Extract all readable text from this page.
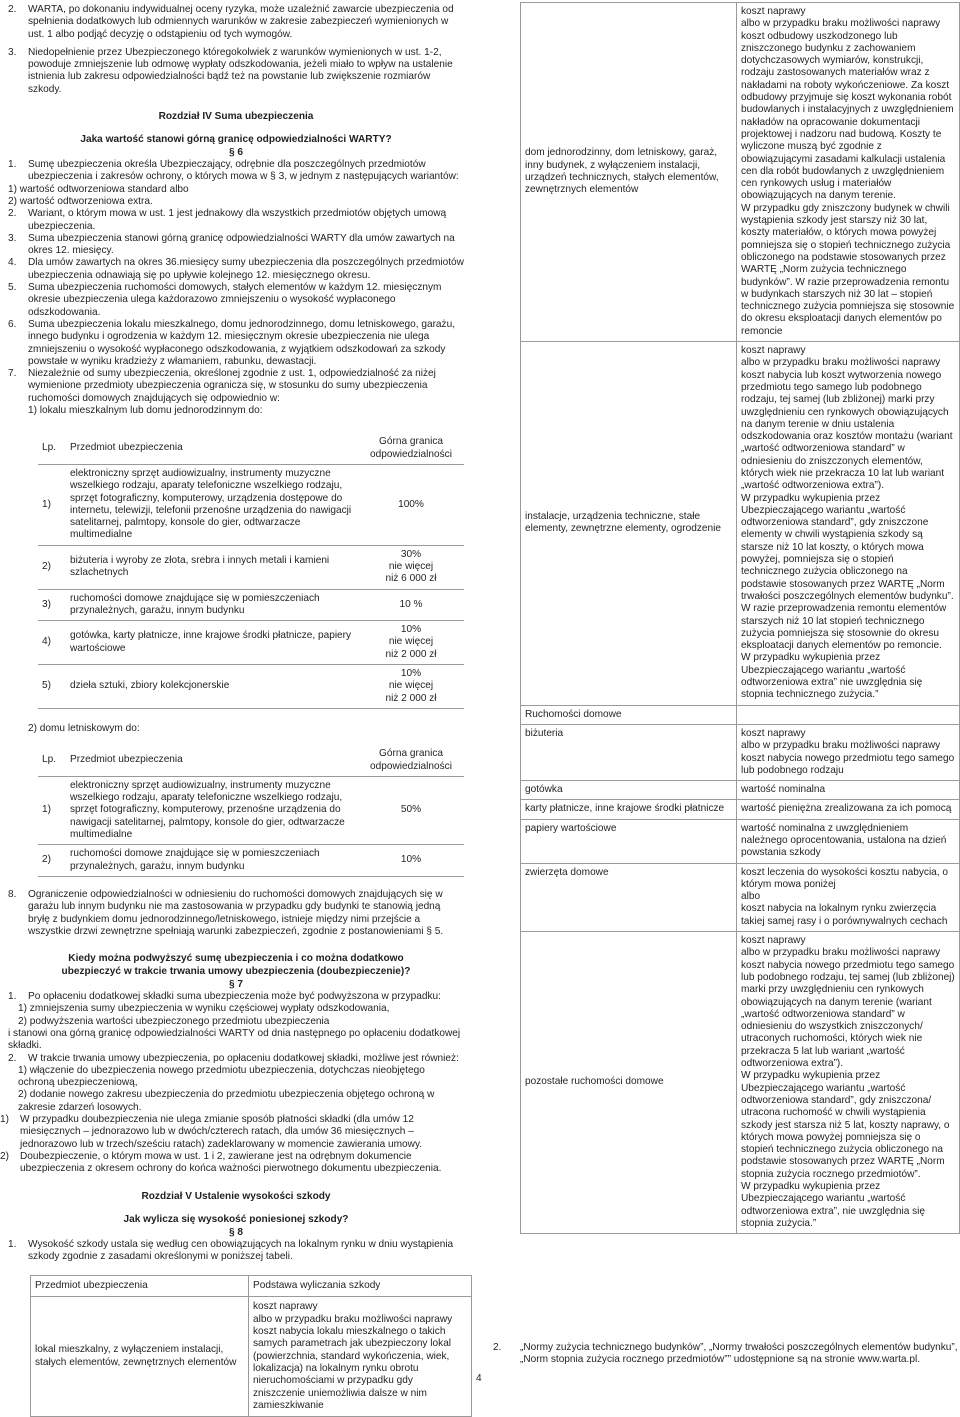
2.	WARTA, po dokonaniu indywidualnej oceny ryzyka, może uzależnić zawarcie ubezpieczenia od spełnienia dodatkowych lub odmiennych warunków w zakresie zabezpieczeń wymienionych w ust. 1 albo podjąć decyzję o odstąpieniu od tych wymogów.

3.	Niedopełnienie przez Ubezpieczonego któregokolwiek z warunków wymienionych w ust. 1-2, powoduje zmniejszenie lub odmowę wypłaty odszkodowania, jeżeli miało to wpływ na ustalenie istnienia lub zakresu odpowiedzialności bądź też na powstanie lub zwiększenie rozmiarów szkody.

Rozdział IV Suma ubezpieczenia

Jaka wartość stanowi górną granicę odpowiedzialności WARTY?

§ 6

1.	Sumę ubezpieczenia określa Ubezpieczający, odrębnie dla poszczególnych przedmiotów ubezpieczenia i zakresów ochrony, o których mowa w § 3, w jednym z następujących wariantów:

1) wartość odtworzeniowa standard albo

2) wartość odtworzeniowa extra.

2.	Wariant, o którym mowa w ust. 1 jest jednakowy dla wszystkich przedmiotów objętych umową ubezpieczenia.

3.	Suma ubezpieczenia stanowi górną granicę odpowiedzialności WARTY dla umów zawartych na okres 12. miesięcy.

4.	Dla umów zawartych na okres 36.miesięcy sumy ubezpieczenia dla poszczególnych przedmiotów ubezpieczenia odnawiają się po upływie kolejnego 12. miesięcznego okresu.

5.	Suma ubezpieczenia ruchomości domowych, stałych elementów w każdym 12. miesięcznym okresie ubezpieczenia ulega każdorazowo zmniejszeniu o wysokość wypłaconego odszkodowania.

6.	Suma ubezpieczenia lokalu mieszkalnego, domu jednorodzinnego, domu letniskowego, garażu, innego budynku i ogrodzenia w każdym 12. miesięcznym okresie ubezpieczenia nie ulega zmniejszeniu o wysokość wypłaconego odszkodowania, z wyjątkiem odszkodowań za szkody powstałe w wyniku kradzieży z włamaniem, rabunku, dewastacji.

7.	Niezależnie od sumy ubezpieczenia, określonej zgodnie z ust. 1, odpowiedzialność za niżej wymienione przedmioty ubezpieczenia ogranicza się, w stosunku do sumy ubezpieczenia ruchomości domowych znajdujących się odpowiednio w:

1) lokalu mieszkalnym lub domu jednorodzinnym do:

Lp.	Przedmiot ubezpieczenia	Górna granica odpowiedzialności
1)	elektroniczny sprzęt audiowizualny, instrumenty muzyczne wszelkiego rodzaju, aparaty telefoniczne wszelkiego rodzaju, sprzęt fotograficzny, komputerowy, urządzenia dostępowe do internetu, telewizji, telefonii przenośne urządzenia do nawigacji satelitarnej, palmtopy, konsole do gier, odtwarzacze multimedialne	100%
2)	biżuteria i wyroby ze złota, srebra i innych metali i kamieni szlachetnych	30%
nie więcej
niż 6 000 zł
3)	ruchomości domowe znajdujące się w pomieszczeniach przynależnych, garażu, innym budynku	10 %
4)	gotówka, karty płatnicze, inne krajowe środki płatnicze, papiery wartościowe	10%
nie więcej
niż 2 000 zł
5)	dzieła sztuki, zbiory kolekcjonerskie	10%
nie więcej
niż 2 000 zł

2) domu letniskowym do:

Lp.	Przedmiot ubezpieczenia	Górna granica odpowiedzialności
1)	elektroniczny sprzęt audiowizualny, instrumenty muzyczne wszelkiego rodzaju, aparaty telefoniczne wszelkiego rodzaju, sprzęt fotograficzny, komputerowy, przenośne urządzenia do nawigacji satelitarnej, palmtopy, konsole do gier, odtwarzacze multimedialne	50%
2)	ruchomości domowe znajdujące się w pomieszczeniach przynależnych, garażu, innym budynku	10%
8.	Ograniczenie odpowiedzialności w odniesieniu do ruchomości domowych znajdujących się w garażu lub innym budynku nie ma zastosowania w przypadku gdy budynki te stanowią jedną bryłę z budynkiem domu jednorodzinnego/letniskowego, istnieje między nimi przejście a wszystkie drzwi zewnętrzne spełniają warunki zabezpieczeń, zgodnie z postanowieniami § 5.

Kiedy można podwyższyć sumę ubezpieczenia i co można dodatkowo ubezpieczyć w trakcie trwania umowy ubezpieczenia (doubezpieczenie)?

§ 7

1.	Po opłaceniu dodatkowej składki suma ubezpieczenia może być podwyższona w przypadku:

1) zmniejszenia sumy ubezpieczenia w wyniku częściowej wypłaty odszkodowania,

2) podwyższenia wartości ubezpieczonego przedmiotu ubezpieczenia

i stanowi ona górną granicę odpowiedzialności WARTY od dnia następnego po opłaceniu dodatkowej składki.

2.	W trakcie trwania umowy ubezpieczenia, po opłaceniu dodatkowej składki, możliwe jest również:

1) włączenie do ubezpieczenia nowego przedmiotu ubezpieczenia, dotychczas nieobjętego ochroną ubezpieczeniową,

2) dodanie nowego zakresu ubezpieczenia do przedmiotu ubezpieczenia objętego ochroną w zakresie zdarzeń losowych.

1)	W przypadku doubezpieczenia nie ulega zmianie sposób płatności składki (dla umów 12 miesięcznych – jednorazowo lub w dwóch/czterech ratach, dla umów 36 miesięcznych – jednorazowo lub w trzech/sześciu ratach) zadeklarowany w momencie zawierania umowy.

2)	Doubezpieczenie, o którym mowa w ust. 1 i 2, zawierane jest na odrębnym dokumencie ubezpieczenia z okresem ochrony do końca ważności pierwotnego dokumentu ubezpieczenia.

Rozdział V Ustalenie wysokości szkody

Jak wylicza się wysokość poniesionej szkody?

§ 8

1.	Wysokość szkody ustala się według cen obowiązujących na lokalnym rynku w dniu wystąpienia szkody zgodnie z zasadami określonymi w poniższej tabeli.

Przedmiot ubezpieczenia	Podstawa wyliczania szkody
lokal mieszkalny, z wyłączeniem instalacji, stałych elementów, zewnętrznych elementów	koszt naprawy
albo w przypadku braku możliwości naprawy koszt nabycia lokalu mieszkalnego o takich samych parametrach jak ubezpieczony lokal (powierzchnia, standard wykończenia, wiek, lokalizacja) na lokalnym rynku obrotu nieruchomościami w przypadku gdy zniszczenie uniemożliwia dalsze w nim zamieszkiwanie
dom jednorodzinny, dom letniskowy, garaż, inny budynek, z wyłączeniem instalacji, urządzeń technicznych, stałych elementów, zewnętrznych elementów	koszt naprawy
albo w przypadku braku możliwości naprawy koszt odbudowy uszkodzonego lub zniszczonego budynku z zachowaniem dotychczasowych wymiarów, konstrukcji, rodzaju zastosowanych materiałów wraz z nakładami na roboty wykończeniowe. Za koszt odbudowy przyjmuje się koszt wykonania robót budowlanych i instalacyjnych z uwzględnieniem nakładów na opracowanie dokumentacji projektowej i nadzoru nad budową. Koszty te wyliczone muszą być zgodnie z obowiązującymi zasadami kalkulacji ustalenia cen dla robót budowlanych z uwzględnieniem cen rynkowych usług i materiałów obowiązujących na danym terenie.
W przypadku gdy zniszczony budynek w chwili wystąpienia szkody jest starszy niż 30 lat, koszty materiałów, o których mowa powyżej pomniejsza się o stopień technicznego zużycia obliczonego na podstawie stosowanych przez WARTĘ „Norm zużycia technicznego budynków”. W razie przeprowadzenia remontu w budynkach starszych niż 30 lat – stopień technicznego zużycia pomniejsza się stosownie do okresu eksploatacji danych elementów po remoncie
instalacje, urządzenia techniczne, stałe elementy, zewnętrzne elementy, ogrodzenie	koszt naprawy
albo w przypadku braku możliwości naprawy koszt nabycia lub koszt wytworzenia nowego przedmiotu tego samego lub podobnego rodzaju, tej samej (lub zbliżonej) marki przy uwzględnieniu cen rynkowych obowiązujących na danym terenie w dniu ustalenia odszkodowania oraz kosztów montażu (wariant „wartość odtworzeniowa standard” w odniesieniu do zniszczonych elementów, których wiek nie przekracza 10 lat lub wariant „wartość odtworzeniowa extra”).
W przypadku wykupienia przez Ubezpieczającego wariantu „wartość odtworzeniowa standard”, gdy zniszczone elementy w chwili wystąpienia szkody są starsze niż 10 lat koszty, o których mowa powyżej, pomniejsza się o stopień technicznego zużycia obliczonego na podstawie stosowanych przez WARTĘ „Norm trwałości poszczególnych elementów budynku”. W razie przeprowadzenia remontu elementów starszych niż 10 lat stopień technicznego zużycia pomniejsza się stosownie do okresu eksploatacji danych elementów po remoncie.
W przypadku wykupienia przez Ubezpieczającego wariantu „wartość odtworzeniowa extra” nie uwzględnia się stopnia technicznego zużycia.”
Ruchomości domowe	
biżuteria	koszt naprawy
albo w przypadku braku możliwości naprawy koszt nabycia nowego przedmiotu tego samego lub podobnego rodzaju
gotówka	wartość nominalna
karty płatnicze, inne krajowe środki płatnicze	wartość pieniężna zrealizowana za ich pomocą
papiery wartościowe	wartość nominalna z uwzględnieniem należnego oprocentowania, ustalona na dzień powstania szkody
zwierzęta domowe	koszt leczenia do wysokości kosztu nabycia, o którym mowa poniżej
albo
koszt nabycia na lokalnym rynku zwierzęcia takiej samej rasy i o porównywalnych cechach
pozostałe ruchomości domowe	koszt naprawy
albo w przypadku braku możliwości naprawy koszt nabycia nowego przedmiotu tego samego lub podobnego rodzaju, tej samej (lub zbliżonej) marki przy uwzględnieniu cen rynkowych obowiązujących na danym terenie (wariant „wartość odtworzeniowa standard” w odniesieniu do wszystkich zniszczonych/ utraconych ruchomości, których wiek nie przekracza 5 lat lub wariant „wartość odtworzeniowa extra”).
W przypadku wykupienia przez Ubezpieczającego wariantu „wartość odtworzeniowa standard”, gdy zniszczona/ utracona ruchomość w chwili wystąpienia szkody jest starsza niż 5 lat, koszty naprawy, o których mowa powyżej pomniejsza się o stopień technicznego zużycia obliczonego na podstawie stosowanych przez WARTĘ „Norm stopnia zużycia rocznego przedmiotów”.
W przypadku wykupienia przez Ubezpieczającego wariantu „wartość odtworzeniowa extra”, nie uwzględnia się stopnia zużycia.”
2.	„Normy zużycia technicznego budynków”, „Normy trwałości poszczególnych elementów budynku”, „Norm stopnia zużycia rocznego przedmiotów”” udostępnione są na stronie www.warta.pl.

4
